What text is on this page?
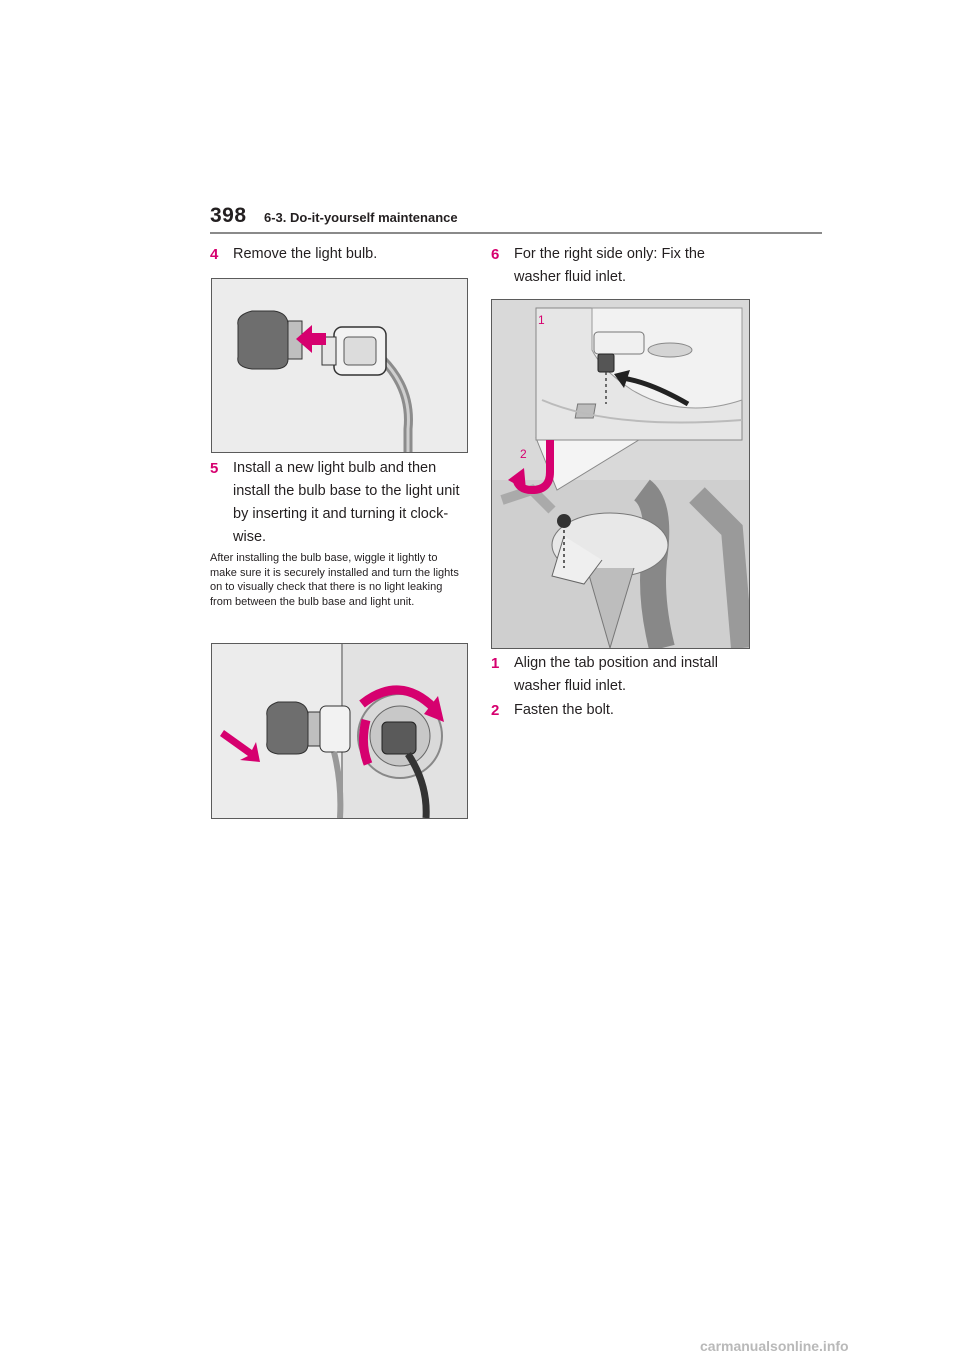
398 6-3. Do-it-yourself maintenance
4	Remove the light bulb.
5	Install a new light bulb and then install the bulb base to the light unit by inserting it and turning it clock-wise.
After installing the bulb base, wiggle it lightly to make sure it is securely installed and turn the lights on to visually check that there is no light leaking from between the bulb base and light unit.
6	For the right side only: Fix the washer fluid inlet.
1
2
1	Align the tab position and install washer fluid inlet.
2	Fasten the bolt.
carmanualsonline.info
